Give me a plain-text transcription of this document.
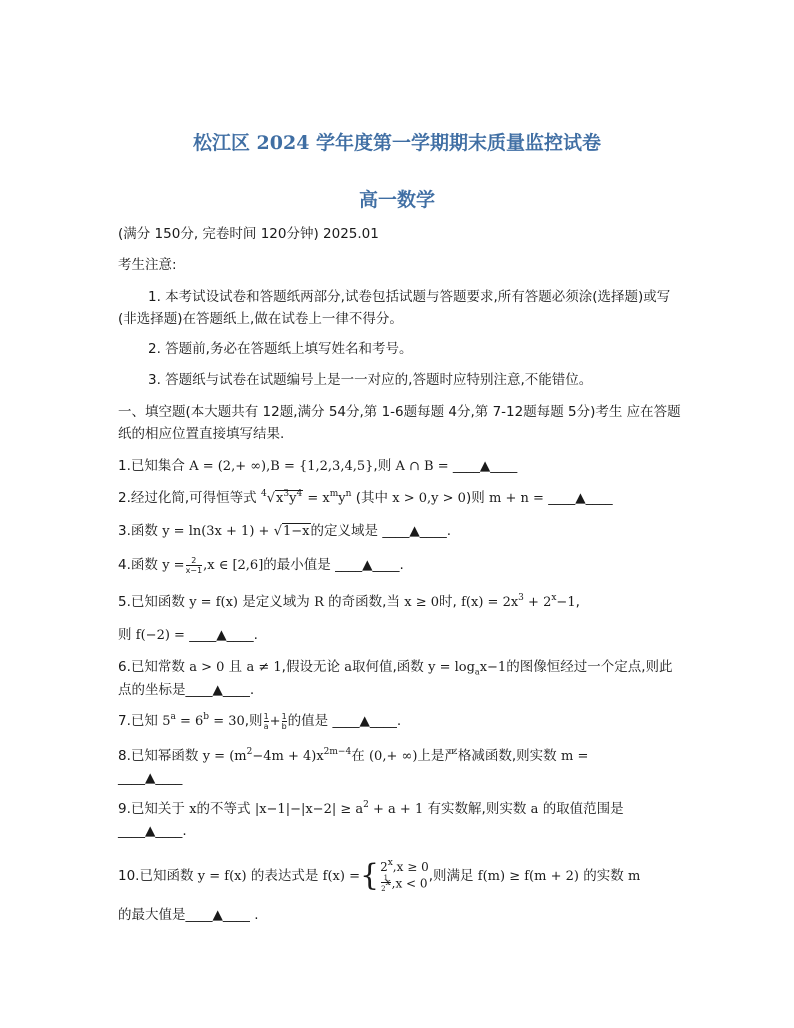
松江区 2024 学年度第一学期期末质量监控试卷
高一数学
(满分 150分, 完卷时间 120分钟) 2025.01
考生注意:
1. 本考试设试卷和答题纸两部分,试卷包括试题与答题要求,所有答题必须涂(选择题)或写(非选择题)在答题纸上,做在试卷上一律不得分。
2. 答题前,务必在答题纸上填写姓名和考号。
3. 答题纸与试卷在试题编号上是一一对应的,答题时应特别注意,不能错位。
一、填空题(本大题共有 12题,满分 54分,第 1-6题每题 4分,第 7-12题每题 5分)考生 应在答题纸的相应位置直接填写结果.
1.已知集合 A = (2,+ ∞),B = {1,2,3,4,5},则 A ∩ B = ____▲____
2.经过化简,可得恒等式 $^4√x^3y^4 = x^my^n$ (其中 x > 0,y > 0)则 m + n = ____▲____
3.函数 y = ln(3x + 1) + √1−x的定义域是 ____▲____.
4.函数 $y = \frac{2}{x-1} ,x$ ∈ [2,6]的最小值是 ____▲____.
5.已知函数 y = f(x) 是定义域为 R 的奇函数,当 x ≥ 0时, $f(x) = 2x^3 + 2^x-1$,
则 f(−2) = ____▲____.
6.已知常数 a > 0 且 a ≠ 1,假设无论 a取何值,函数 $y = \log_ax-1$的图像恒经过一个定点,则此点的坐标是____▲____.
7.已知 $5^a = 6^b = 30$,则 $\frac{1}{a} + \frac{1}{b}$ 的值是 ____▲____.
8.已知幂函数 $y = (m^2-4m + 4)x^{2m-4}$在 (0,+ ∞)上是严格减函数,则实数 m =
____▲____
9.已知关于 x的不等式 $|x-1|-|x-2| \ge a^2 + a + 1$ 有实数解,则实数 a 的取值范围是
____▲____.
10.已知函数 y = f(x) 的表达式是 $f(x) =\{2^x,x \ge 0$

$\frac{1}{2^x} ,x < 0$,则满足 f(m) ≥ f(m + 2) 的实数 m
的最大值是____▲____ .
